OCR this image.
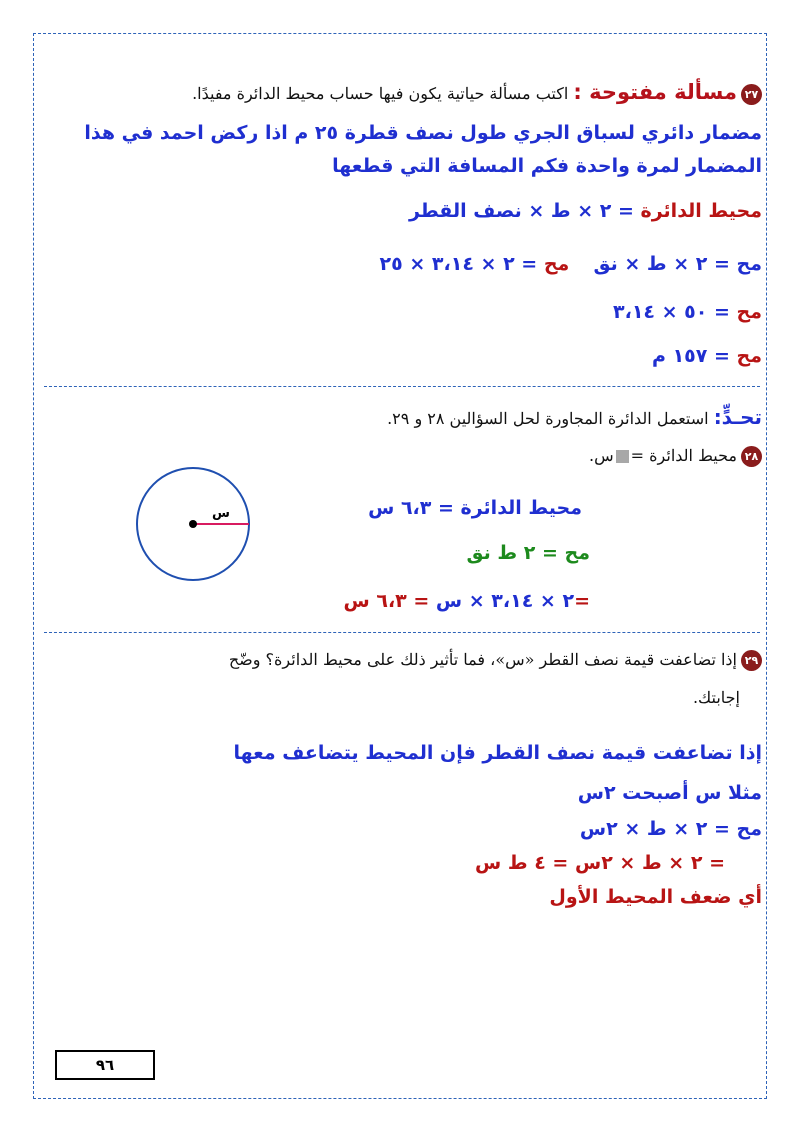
٢٧مسألة مفتوحة : اكتب مسألة حياتية يكون فيها حساب محيط الدائرة مفيدًا.
مضمار دائري لسباق الجري طول نصف قطرة ٢٥ م اذا ركض احمد في هذا
المضمار لمرة واحدة فكم المسافة التي قطعها
محيط الدائرة = ٢ × ط × نصف القطر
مح = ٢ × ط × نق    مح = ٢ × ٣،١٤ × ٢٥
مح = ٥٠ × ٣،١٤
مح = ١٥٧ م
تحـدٍّ: استعمل الدائرة المجاورة لحل السؤالين ٢٨ و ٢٩.
٢٨محيط الدائرة =س.
س	محيط الدائرة = ٦،٣ س
مح = ٢ ط نق
=٢ × ٣،١٤ × س = ٦،٣ س
٢٩إذا تضاعفت قيمة نصف القطر «س»، فما تأثير ذلك على محيط الدائرة؟ وضّح
إجابتك.
إذا تضاعفت قيمة نصف القطر فإن المحيط يتضاعف معها
مثلا س أصبحت ٢س
مح = ٢ × ط × ٢س
= ٢ × ط × ٢س = ٤ ط س
أي ضعف المحيط الأول
٩٦
